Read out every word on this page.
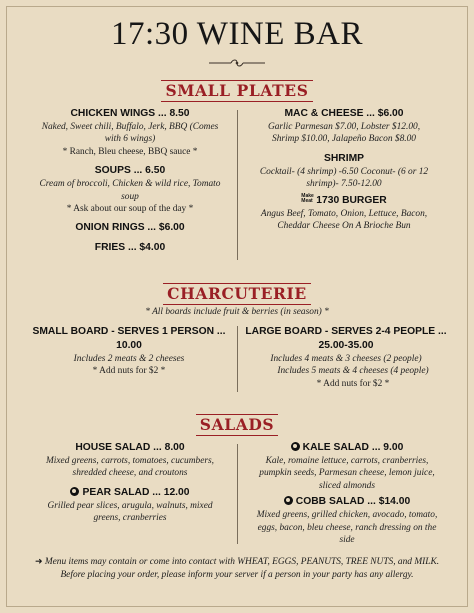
17:30 WINE BAR
SMALL PLATES
CHICKEN WINGS ... 8.50
Naked, Sweet chili, Buffalo, Jerk, BBQ (Comes
with 6 wings)
* Ranch, Bleu cheese, BBQ sauce *
SOUPS ... 6.50
Cream of broccoli, Chicken & wild rice, Tomato
soup
* Ask about our soup of the day *
ONION RINGS ... $6.00
FRIES ... $4.00
MAC & CHEESE ... $6.00
Garlic Parmesan $7.00, Lobster $12.00,
Shrimp $10.00, Jalapeño Bacon $8.00
SHRIMP
Cocktail- (4 shrimp) -6.50 Coconut- (6 or 12
shrimp)- 7.50-12.00
Make Meat 1730 BURGER
Angus Beef, Tomato, Onion, Lettuce, Bacon,
Cheddar Cheese On A Brioche Bun
CHARCUTERIE
* All boards include fruit & berries (in season) *
SMALL BOARD - SERVES 1 PERSON ... 10.00
Includes 2 meats & 2 cheeses
* Add nuts for $2 *
LARGE BOARD - SERVES 2-4 PEOPLE ...
25.00-35.00
Includes 4 meats & 3 cheeses (2 people)
Includes 5 meats & 4 cheeses (4 people)
* Add nuts for $2 *
SALADS
HOUSE SALAD ... 8.00
Mixed greens, carrots, tomatoes, cucumbers,
shredded cheese, and croutons
PEAR SALAD ... 12.00
Grilled pear slices, arugula, walnuts, mixed
greens, cranberries
KALE SALAD ... 9.00
Kale, romaine lettuce, carrots, cranberries,
pumpkin seeds, Parmesan cheese, lemon juice,
sliced almonds
COBB SALAD ... $14.00
Mixed greens, grilled chicken, avocado, tomato,
eggs, bacon, bleu cheese, ranch dressing on the
side
➜ Menu items may contain or come into contact with WHEAT, EGGS, PEANUTS, TREE NUTS, and MILK.
Before placing your order, please inform your server if a person in your party has any allergy.
